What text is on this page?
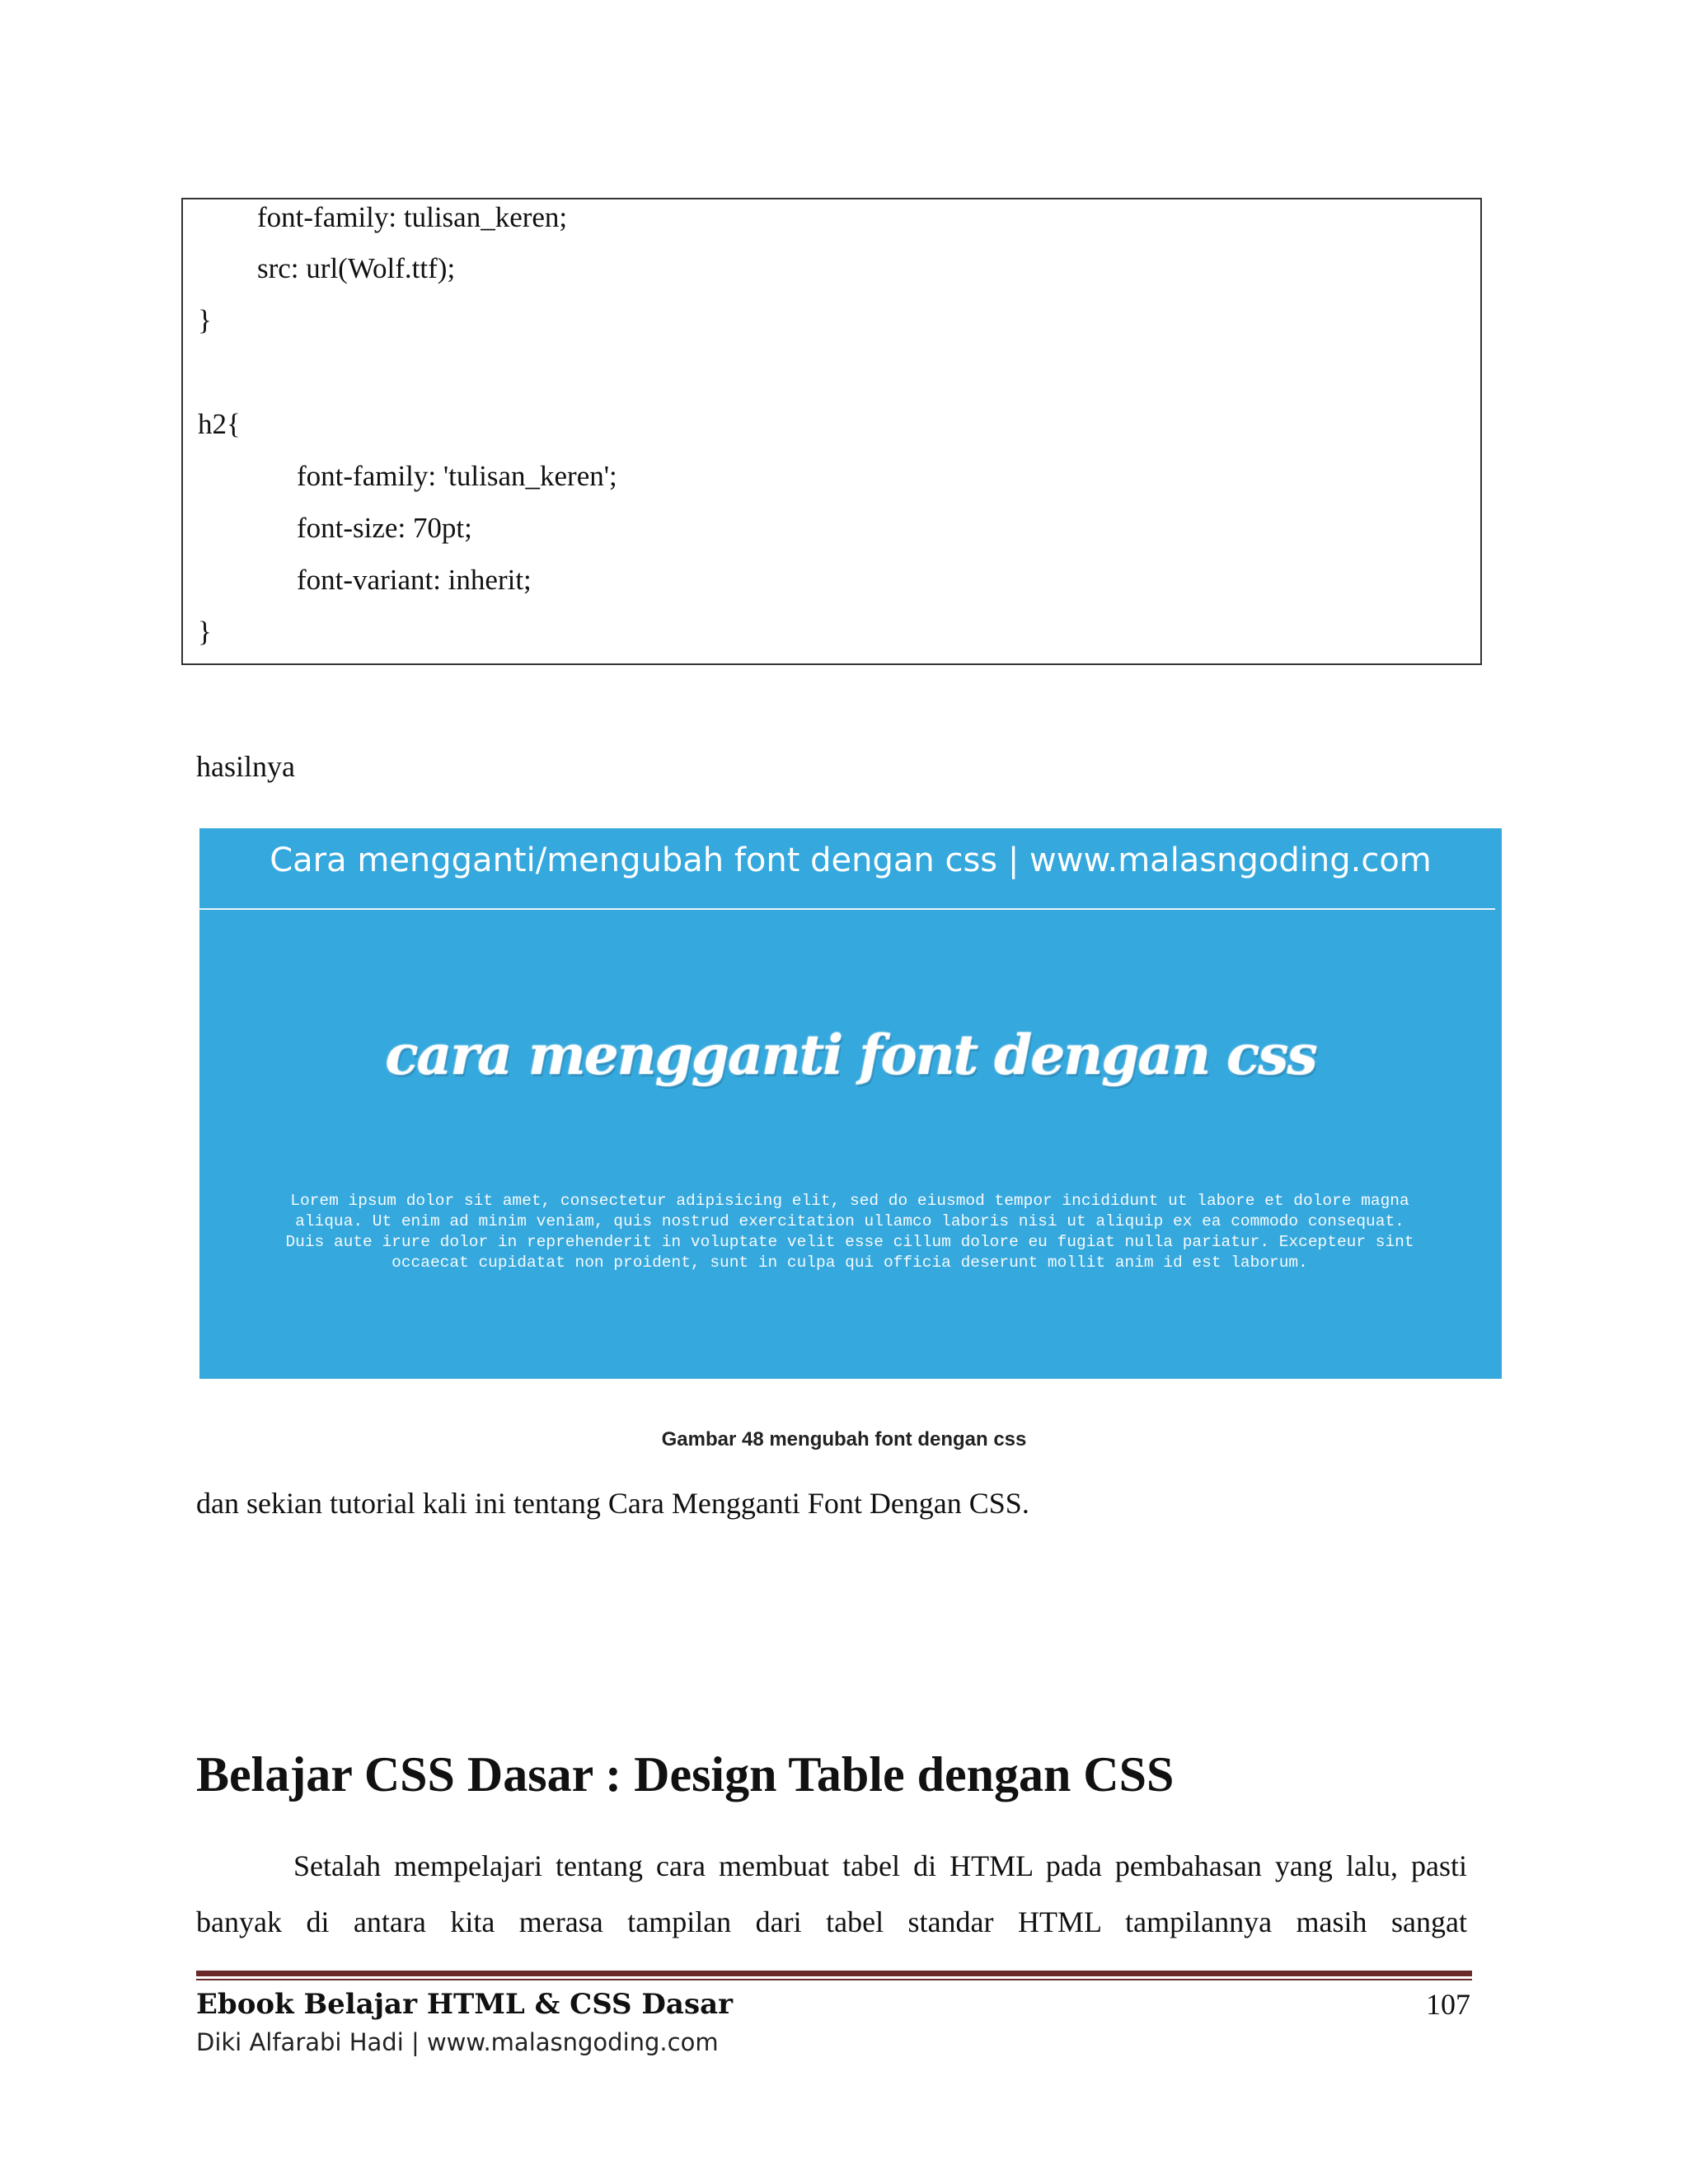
font-family: tulisan_keren;
src: url(Wolf.ttf);
}
h2{
font-family: 'tulisan_keren';
font-size: 70pt;
font-variant: inherit;
}
hasilnya
Cara mengganti/mengubah font dengan css | www.malasngoding.com
cara mengganti font dengan css
Lorem ipsum dolor sit amet, consectetur adipisicing elit, sed do eiusmod tempor incididunt ut labore et dolore magna
aliqua. Ut enim ad minim veniam, quis nostrud exercitation ullamco laboris nisi ut aliquip ex ea commodo consequat.
Duis aute irure dolor in reprehenderit in voluptate velit esse cillum dolore eu fugiat nulla pariatur. Excepteur sint
occaecat cupidatat non proident, sunt in culpa qui officia deserunt mollit anim id est laborum.
Gambar 48 mengubah font dengan css
dan sekian tutorial kali ini tentang Cara Mengganti Font Dengan CSS.
Belajar CSS Dasar : Design Table dengan CSS
Setalah mempelajari tentang cara membuat tabel di HTML pada pembahasan yang lalu, pasti banyak di antara kita merasa tampilan dari tabel standar HTML tampilannya masih sangat
Ebook Belajar HTML & CSS Dasar
Diki Alfarabi Hadi | www.malasngoding.com
107
